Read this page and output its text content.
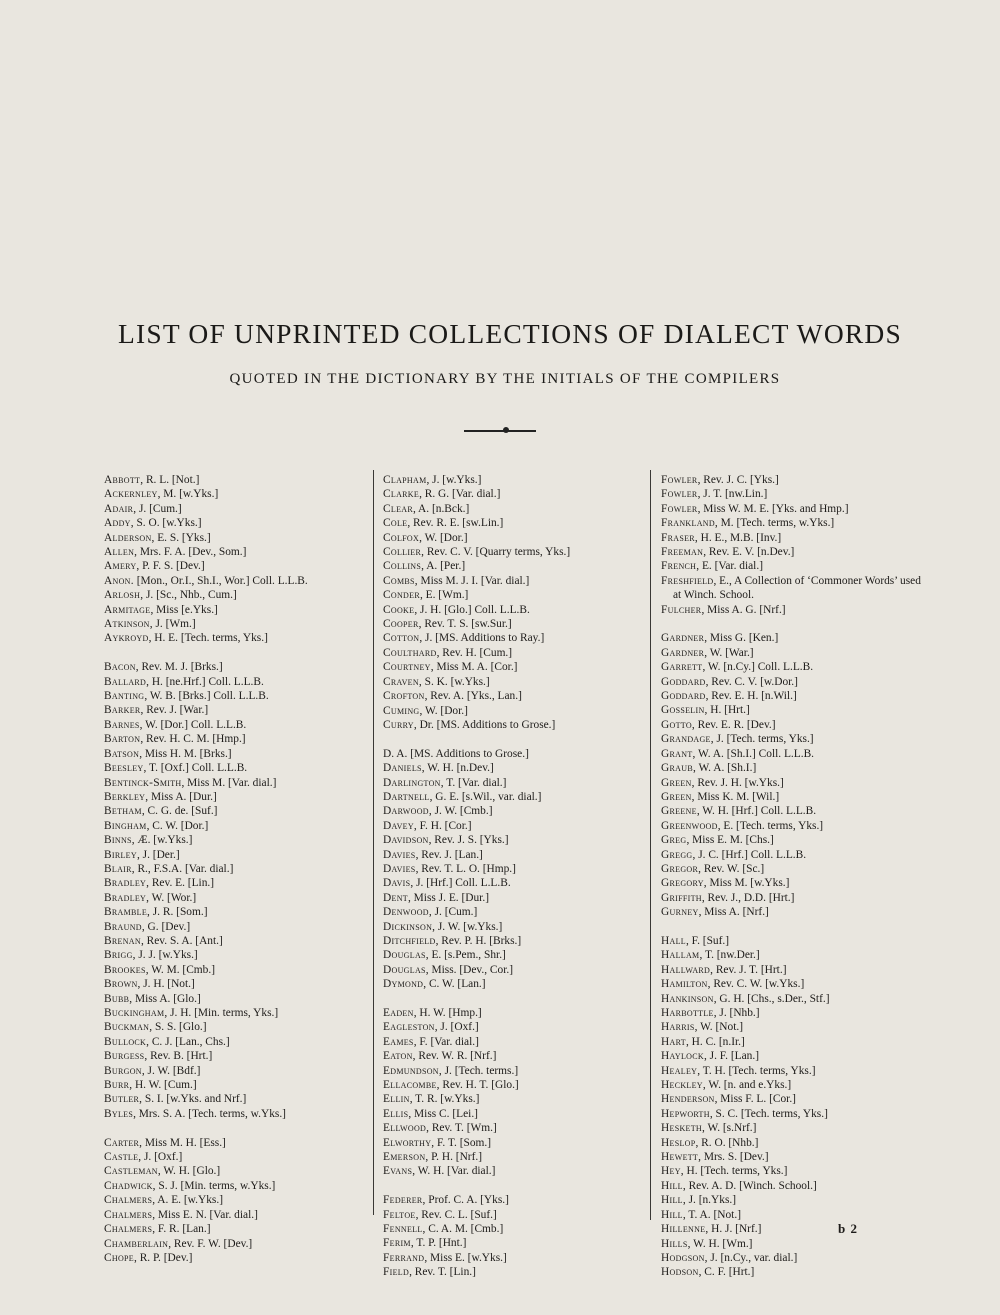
LIST OF UNPRINTED COLLECTIONS OF DIALECT WORDS
QUOTED IN THE DICTIONARY BY THE INITIALS OF THE COMPILERS
Abbott, R. L. [Not.]
Ackernley, M. [w.Yks.]
Adair, J. [Cum.]
Addy, S. O. [w.Yks.]
Alderson, E. S. [Yks.]
Allen, Mrs. F. A. [Dev., Som.]
Amery, P. F. S. [Dev.]
Anon. [Mon., Or.I., Sh.I., Wor.] Coll. L.L.B.
Arlosh, J. [Sc., Nhb., Cum.]
Armitage, Miss [e.Yks.]
Atkinson, J. [Wm.]
Aykroyd, H. E. [Tech. terms, Yks.]
Bacon, Rev. M. J. [Brks.]
Ballard, H. [ne.Hrf.] Coll. L.L.B.
Banting, W. B. [Brks.] Coll. L.L.B.
Barker, Rev. J. [War.]
Barnes, W. [Dor.] Coll. L.L.B.
Barton, Rev. H. C. M. [Hmp.]
Batson, Miss H. M. [Brks.]
Beesley, T. [Oxf.] Coll. L.L.B.
Bentinck-Smith, Miss M. [Var. dial.]
Berkley, Miss A. [Dur.]
Betham, C. G. de. [Suf.]
Bingham, C. W. [Dor.]
Binns, Æ. [w.Yks.]
Birley, J. [Der.]
Blair, R., F.S.A. [Var. dial.]
Bradley, Rev. E. [Lin.]
Bradley, W. [Wor.]
Bramble, J. R. [Som.]
Braund, G. [Dev.]
Brenan, Rev. S. A. [Ant.]
Brigg, J. J. [w.Yks.]
Brookes, W. M. [Cmb.]
Brown, J. H. [Not.]
Bubb, Miss A. [Glo.]
Buckingham, J. H. [Min. terms, Yks.]
Buckman, S. S. [Glo.]
Bullock, C. J. [Lan., Chs.]
Burgess, Rev. B. [Hrt.]
Burgon, J. W. [Bdf.]
Burr, H. W. [Cum.]
Butler, S. I. [w.Yks. and Nrf.]
Byles, Mrs. S. A. [Tech. terms, w.Yks.]
Carter, Miss M. H. [Ess.]
Castle, J. [Oxf.]
Castleman, W. H. [Glo.]
Chadwick, S. J. [Min. terms, w.Yks.]
Chalmers, A. E. [w.Yks.]
Chalmers, Miss E. N. [Var. dial.]
Chalmers, F. R. [Lan.]
Chamberlain, Rev. F. W. [Dev.]
Chope, R. P. [Dev.]
Clapham, J. [w.Yks.]
Clarke, R. G. [Var. dial.]
Clear, A. [n.Bck.]
Cole, Rev. R. E. [sw.Lin.]
Colfox, W. [Dor.]
Collier, Rev. C. V. [Quarry terms, Yks.]
Collins, A. [Per.]
Combs, Miss M. J. I. [Var. dial.]
Conder, E. [Wm.]
Cooke, J. H. [Glo.] Coll. L.L.B.
Cooper, Rev. T. S. [sw.Sur.]
Cotton, J. [MS. Additions to Ray.]
Coulthard, Rev. H. [Cum.]
Courtney, Miss M. A. [Cor.]
Craven, S. K. [w.Yks.]
Crofton, Rev. A. [Yks., Lan.]
Cuming, W. [Dor.]
Curry, Dr. [MS. Additions to Grose.]
D. A. [MS. Additions to Grose.]
Daniels, W. H. [n.Dev.]
Darlington, T. [Var. dial.]
Dartnell, G. E. [s.Wil., var. dial.]
Darwood, J. W. [Cmb.]
Davey, F. H. [Cor.]
Davidson, Rev. J. S. [Yks.]
Davies, Rev. J. [Lan.]
Davies, Rev. T. L. O. [Hmp.]
Davis, J. [Hrf.] Coll. L.L.B.
Dent, Miss J. E. [Dur.]
Denwood, J. [Cum.]
Dickinson, J. W. [w.Yks.]
Ditchfield, Rev. P. H. [Brks.]
Douglas, E. [s.Pem., Shr.]
Douglas, Miss. [Dev., Cor.]
Dymond, C. W. [Lan.]
Eaden, H. W. [Hmp.]
Eagleston, J. [Oxf.]
Eames, F. [Var. dial.]
Eaton, Rev. W. R. [Nrf.]
Edmundson, J. [Tech. terms.]
Ellacombe, Rev. H. T. [Glo.]
Ellin, T. R. [w.Yks.]
Ellis, Miss C. [Lei.]
Ellwood, Rev. T. [Wm.]
Elworthy, F. T. [Som.]
Emerson, P. H. [Nrf.]
Evans, W. H. [Var. dial.]
Federer, Prof. C. A. [Yks.]
Feltoe, Rev. C. L. [Suf.]
Fennell, C. A. M. [Cmb.]
Ferim, T. P. [Hnt.]
Ferrand, Miss E. [w.Yks.]
Field, Rev. T. [Lin.]
Fowler, Rev. J. C. [Yks.]
Fowler, J. T. [nw.Lin.]
Fowler, Miss W. M. E. [Yks. and Hmp.]
Frankland, M. [Tech. terms, w.Yks.]
Fraser, H. E., M.B. [Inv.]
Freeman, Rev. E. V. [n.Dev.]
French, E. [Var. dial.]
Freshfield, E., A Collection of ‘Commoner Words’ used at Winch. School.
Fulcher, Miss A. G. [Nrf.]
Gardner, Miss G. [Ken.]
Gardner, W. [War.]
Garrett, W. [n.Cy.] Coll. L.L.B.
Goddard, Rev. C. V. [w.Dor.]
Goddard, Rev. E. H. [n.Wil.]
Gosselin, H. [Hrt.]
Gotto, Rev. E. R. [Dev.]
Grandage, J. [Tech. terms, Yks.]
Grant, W. A. [Sh.I.] Coll. L.L.B.
Graub, W. A. [Sh.I.]
Green, Rev. J. H. [w.Yks.]
Green, Miss K. M. [Wil.]
Greene, W. H. [Hrf.] Coll. L.L.B.
Greenwood, E. [Tech. terms, Yks.]
Greg, Miss E. M. [Chs.]
Gregg, J. C. [Hrf.] Coll. L.L.B.
Gregor, Rev. W. [Sc.]
Gregory, Miss M. [w.Yks.]
Griffith, Rev. J., D.D. [Hrt.]
Gurney, Miss A. [Nrf.]
Hall, F. [Suf.]
Hallam, T. [nw.Der.]
Hallward, Rev. J. T. [Hrt.]
Hamilton, Rev. C. W. [w.Yks.]
Hankinson, G. H. [Chs., s.Der., Stf.]
Harbottle, J. [Nhb.]
Harris, W. [Not.]
Hart, H. C. [n.Ir.]
Haylock, J. F. [Lan.]
Healey, T. H. [Tech. terms, Yks.]
Heckley, W. [n. and e.Yks.]
Henderson, Miss F. L. [Cor.]
Hepworth, S. C. [Tech. terms, Yks.]
Hesketh, W. [s.Nrf.]
Heslop, R. O. [Nhb.]
Hewett, Mrs. S. [Dev.]
Hey, H. [Tech. terms, Yks.]
Hill, Rev. A. D. [Winch. School.]
Hill, J. [n.Yks.]
Hill, T. A. [Not.]
Hillenne, H. J. [Nrf.]
Hills, W. H. [Wm.]
Hodgson, J. [n.Cy., var. dial.]
Hodson, C. F. [Hrt.]
b 2
